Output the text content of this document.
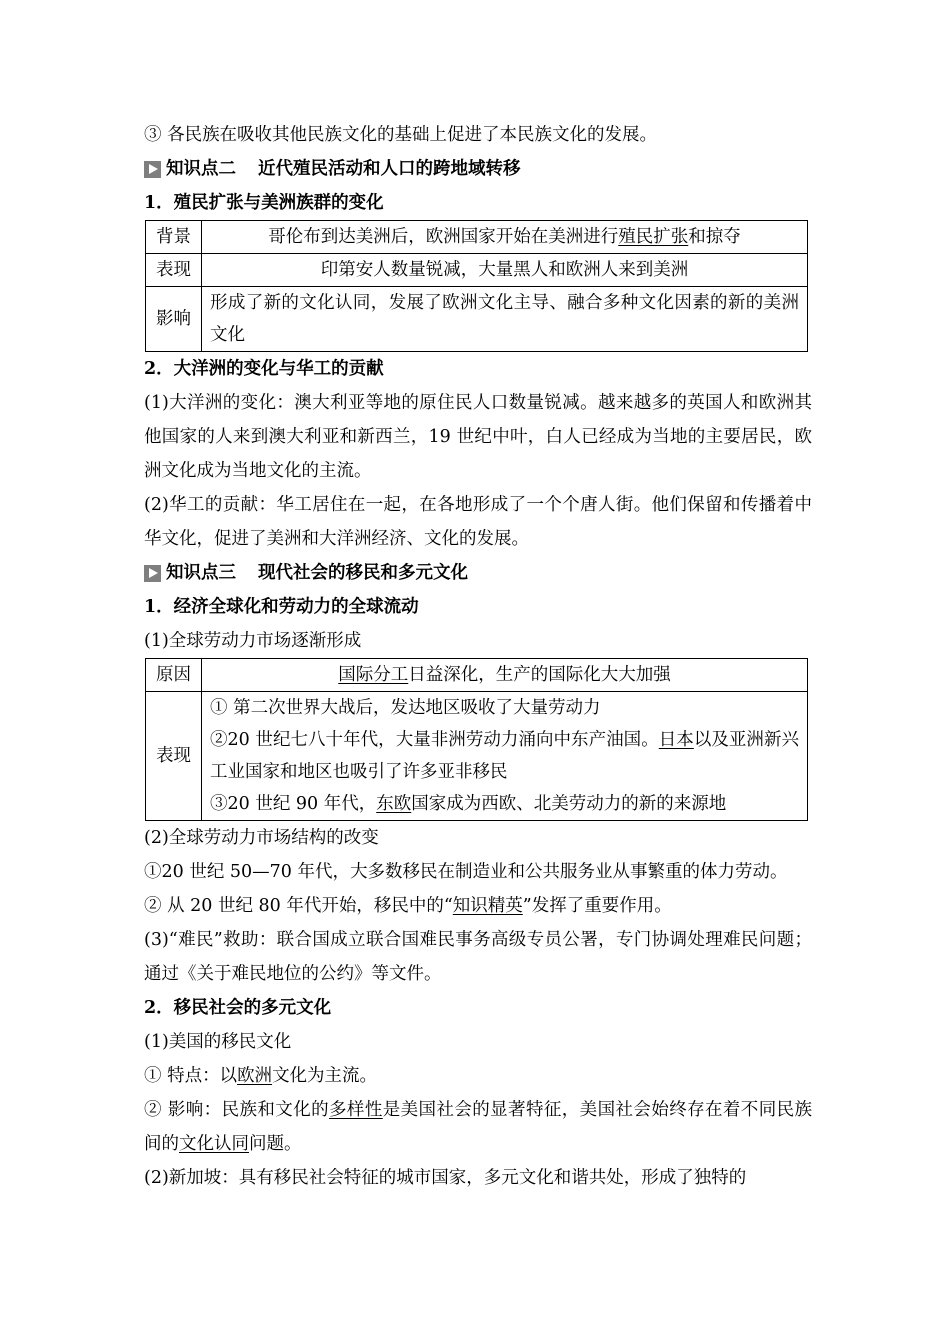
③ 各民族在吸收其他民族文化的基础上促进了本民族文化的发展。
知识点二 近代殖民活动和人口的跨地域转移
1．殖民扩张与美洲族群的变化
背景	哥伦布到达美洲后，欧洲国家开始在美洲进行殖民扩张和掠夺
表现	印第安人数量锐减，大量黑人和欧洲人来到美洲
影响	形成了新的文化认同，发展了欧洲文化主导、融合多种文化因素的新的美洲文化
2．大洋洲的变化与华工的贡献
(1)大洋洲的变化：澳大利亚等地的原住民人口数量锐减。越来越多的英国人和欧洲其他国家的人来到澳大利亚和新西兰，19 世纪中叶，白人已经成为当地的主要居民，欧洲文化成为当地文化的主流。
(2)华工的贡献：华工居住在一起，在各地形成了一个个唐人街。他们保留和传播着中华文化，促进了美洲和大洋洲经济、文化的发展。
知识点三 现代社会的移民和多元文化
1．经济全球化和劳动力的全球流动
(1)全球劳动力市场逐渐形成
原因	国际分工日益深化，生产的国际化大大加强
表现	① 第二次世界大战后，发达地区吸收了大量劳动力
②20 世纪七八十年代，大量非洲劳动力涌向中东产油国。日本以及亚洲新兴工业国家和地区也吸引了许多亚非移民
③20 世纪 90 年代，东欧国家成为西欧、北美劳动力的新的来源地
(2)全球劳动力市场结构的改变
①20 世纪 50—70 年代，大多数移民在制造业和公共服务业从事繁重的体力劳动。
② 从 20 世纪 80 年代开始，移民中的“知识精英”发挥了重要作用。
(3)“难民”救助：联合国成立联合国难民事务高级专员公署，专门协调处理难民问题；通过《关于难民地位的公约》等文件。
2．移民社会的多元文化
(1)美国的移民文化
① 特点：以欧洲文化为主流。
② 影响：民族和文化的多样性是美国社会的显著特征，美国社会始终存在着不同民族间的文化认同问题。
(2)新加坡：具有移民社会特征的城市国家，多元文化和谐共处，形成了独特的
